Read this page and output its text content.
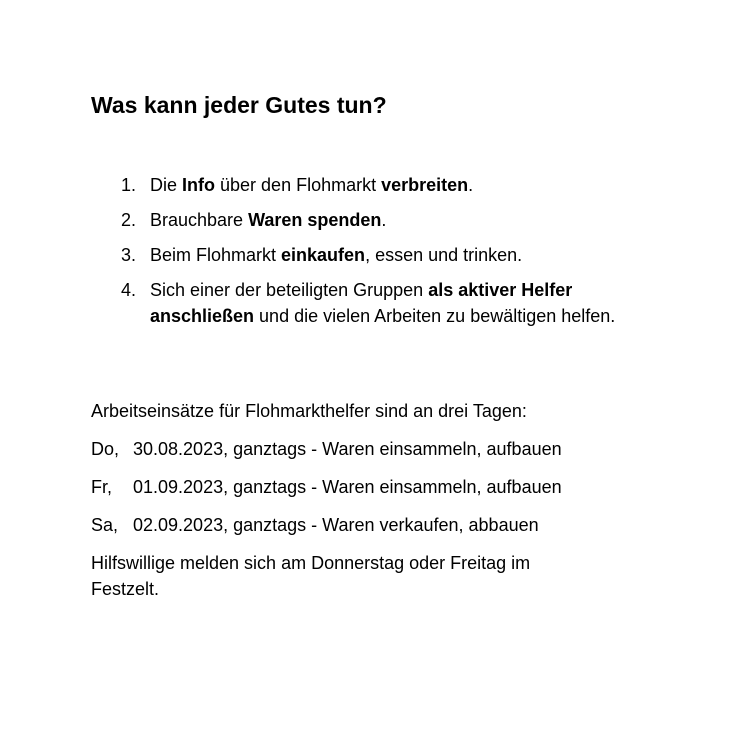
Was kann jeder Gutes tun?
1. Die Info über den Flohmarkt verbreiten.
2. Brauchbare Waren spenden.
3. Beim Flohmarkt einkaufen, essen und trinken.
4. Sich einer der beteiligten Gruppen als aktiver Helfer anschließen und die vielen Arbeiten zu bewältigen helfen.

Arbeitseinsätze für Flohmarkthelfer sind an drei Tagen:

Do, 30.08.2023, ganztags - Waren einsammeln, aufbauen
Fr, 01.09.2023, ganztags - Waren einsammeln, aufbauen
Sa, 02.09.2023, ganztags - Waren verkaufen, abbauen

Hilfswillige melden sich am Donnerstag oder Freitag im Festzelt.
